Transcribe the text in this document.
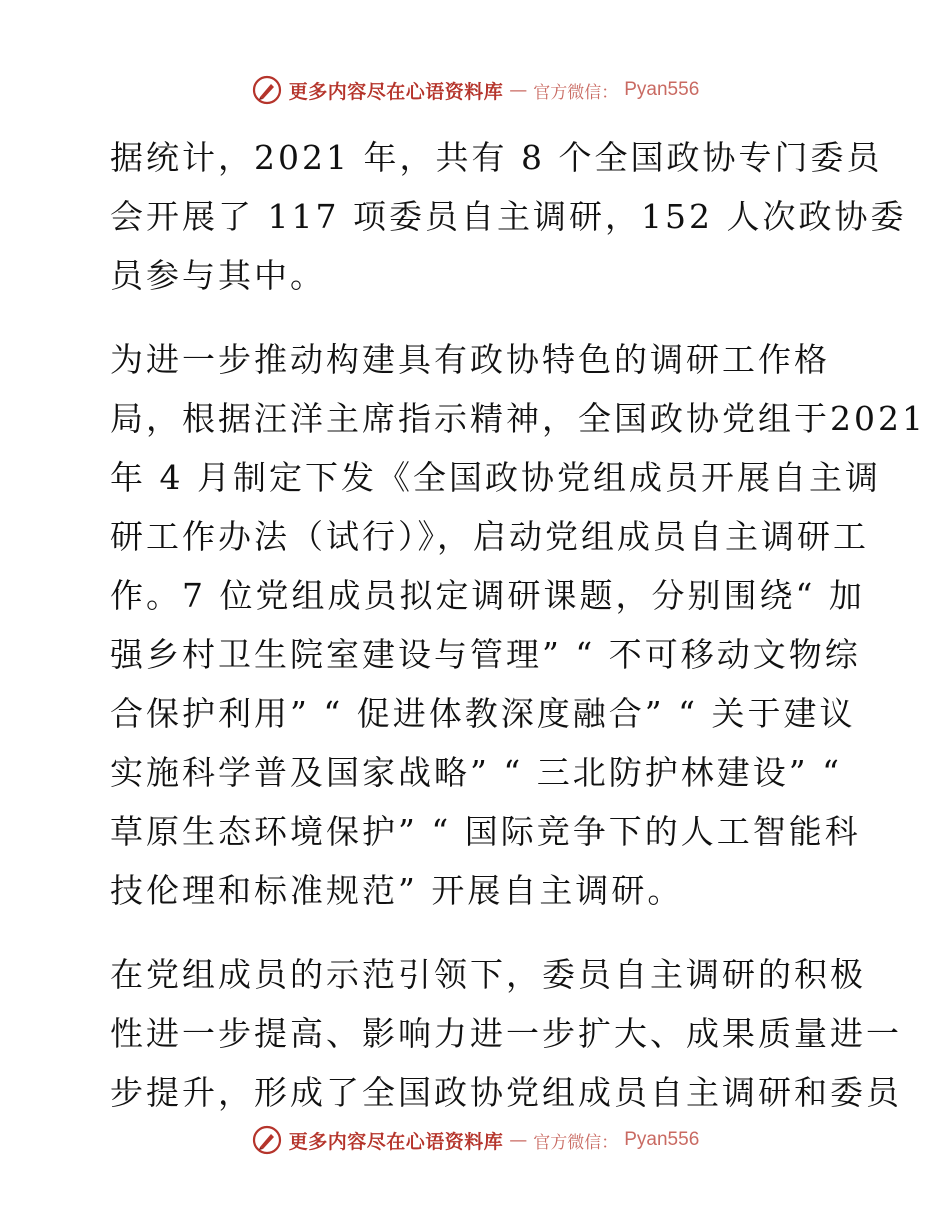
更多内容尽在心语资料库 — 官方微信： Pyan556

据统计，2021 年，共有 8 个全国政协专门委员
会开展了 117 项委员自主调研，152 人次政协委
员参与其中。

为进一步推动构建具有政协特色的调研工作格
局，根据汪洋主席指示精神，全国政协党组于2021
年 4 月制定下发《全国政协党组成员开展自主调
研工作办法（试行）》，启动党组成员自主调研工
作。7 位党组成员拟定调研课题，分别围绕“ 加
强乡村卫生院室建设与管理” “ 不可移动文物综
合保护利用” “ 促进体教深度融合” “ 关于建议
实施科学普及国家战略” “ 三北防护林建设” “
草原生态环境保护” “ 国际竞争下的人工智能科
技伦理和标准规范” 开展自主调研。

在党组成员的示范引领下，委员自主调研的积极
性进一步提高、影响力进一步扩大、成果质量进一
步提升，形成了全国政协党组成员自主调研和委员

更多内容尽在心语资料库 — 官方微信： Pyan556
